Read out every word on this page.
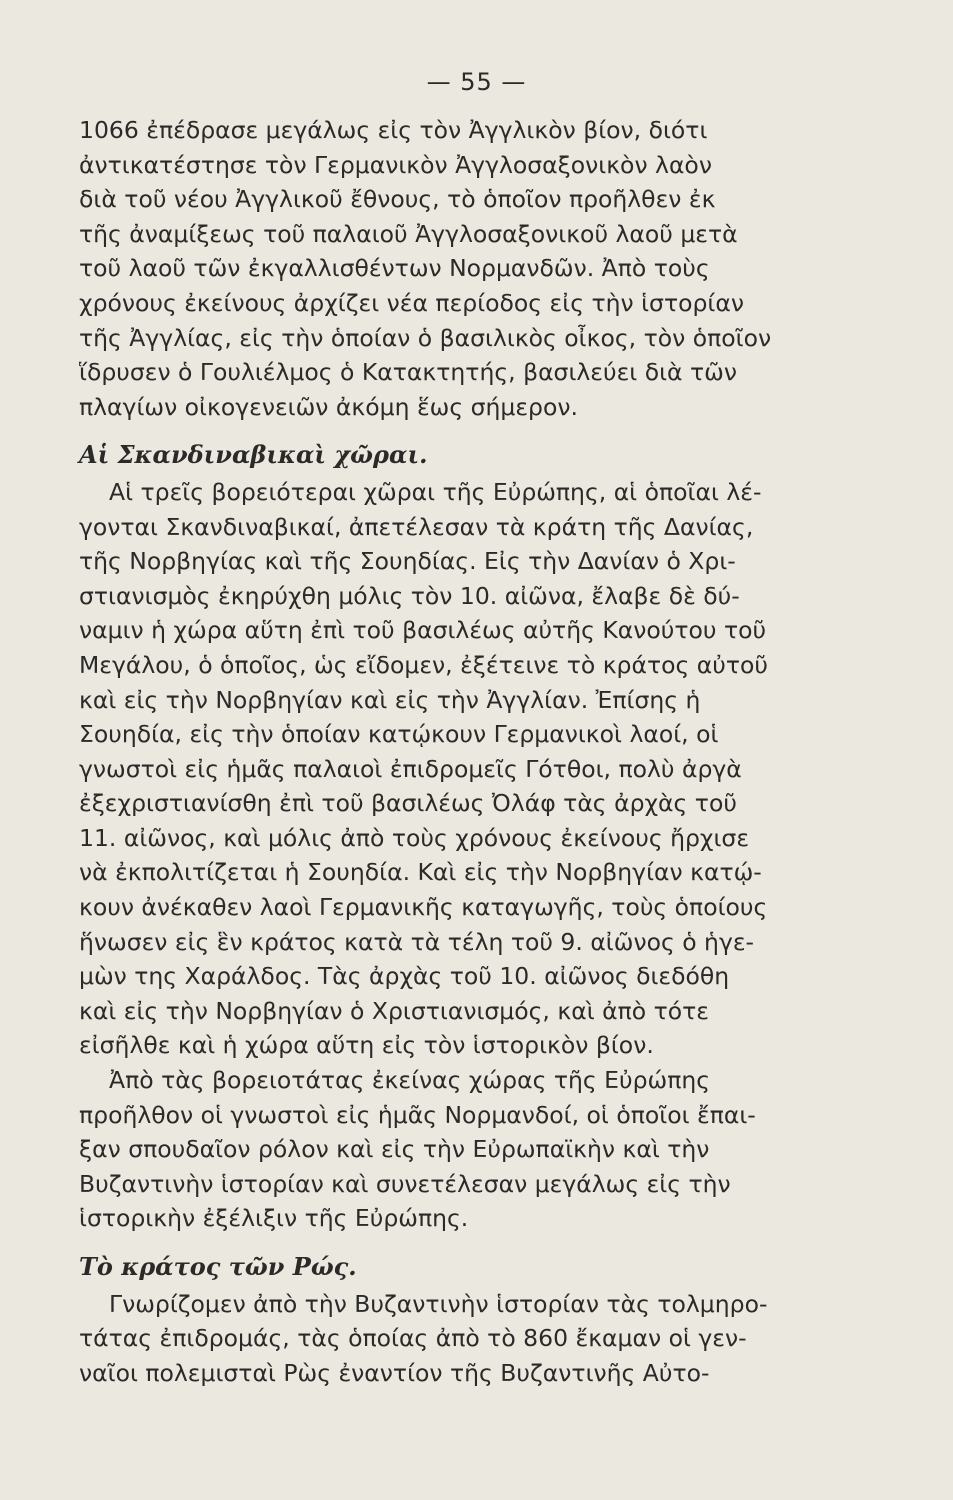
— 55 —
1066 ἐπέδρασε μεγάλως εἰς τὸν Ἀγγλικὸν βίον, διότι
ἀντικατέστησε τὸν Γερμανικὸν Ἀγγλοσαξονικὸν λαὸν
διὰ τοῦ νέου Ἀγγλικοῦ ἔθνους, τὸ ὁποῖον προῆλθεν ἐκ
τῆς ἀναμίξεως τοῦ παλαιοῦ Ἀγγλοσαξονικοῦ λαοῦ μετὰ
τοῦ λαοῦ τῶν ἐκγαλλισθέντων Νορμανδῶν. Ἀπὸ τοὺς
χρόνους ἐκείνους ἀρχίζει νέα περίοδος εἰς τὴν ἱστορίαν
τῆς Ἀγγλίας, εἰς τὴν ὁποίαν ὁ βασιλικὸς οἶκος, τὸν ὁποῖον
ἵδρυσεν ὁ Γουλιέλμος ὁ Κατακτητής, βασιλεύει διὰ τῶν
πλαγίων οἰκογενειῶν ἀκόμη ἕως σήμερον.
Αἱ Σκανδιναβικαὶ χῶραι.
Αἱ τρεῖς βορειότεραι χῶραι τῆς Εὐρώπης, αἱ ὁποῖαι λέ-
γονται Σκανδιναβικαί, ἀπετέλεσαν τὰ κράτη τῆς Δανίας,
τῆς Νορβηγίας καὶ τῆς Σουηδίας. Εἰς τὴν Δανίαν ὁ Χρι-
στιανισμὸς ἐκηρύχθη μόλις τὸν 10. αἰῶνα, ἔλαβε δὲ δύ-
ναμιν ἡ χώρα αὕτη ἐπὶ τοῦ βασιλέως αὐτῆς Κανούτου τοῦ
Μεγάλου, ὁ ὁποῖος, ὡς εἴδομεν, ἐξέτεινε τὸ κράτος αὐτοῦ
καὶ εἰς τὴν Νορβηγίαν καὶ εἰς τὴν Ἀγγλίαν. Ἐπίσης ἡ
Σουηδία, εἰς τὴν ὁποίαν κατῴκουν Γερμανικοὶ λαοί, οἱ
γνωστοὶ εἰς ἡμᾶς παλαιοὶ ἐπιδρομεῖς Γότθοι, πολὺ ἀργὰ
ἐξεχριστιανίσθη ἐπὶ τοῦ βασιλέως Ὀλάφ τὰς ἀρχὰς τοῦ
11. αἰῶνος, καὶ μόλις ἀπὸ τοὺς χρόνους ἐκείνους ἤρχισε
νὰ ἐκπολιτίζεται ἡ Σουηδία. Καὶ εἰς τὴν Νορβηγίαν κατῴ-
κουν ἀνέκαθεν λαοὶ Γερμανικῆς καταγωγῆς, τοὺς ὁποίους
ἥνωσεν εἰς ἓν κράτος κατὰ τὰ τέλη τοῦ 9. αἰῶνος ὁ ἡγε-
μὼν της Χαράλδος. Τὰς ἀρχὰς τοῦ 10. αἰῶνος διεδόθη
καὶ εἰς τὴν Νορβηγίαν ὁ Χριστιανισμός, καὶ ἀπὸ τότε
εἰσῆλθε καὶ ἡ χώρα αὕτη εἰς τὸν ἱστορικὸν βίον.
Ἀπὸ τὰς βορειοτάτας ἐκείνας χώρας τῆς Εὐρώπης
προῆλθον οἱ γνωστοὶ εἰς ἡμᾶς Νορμανδοί, οἱ ὁποῖοι ἔπαι-
ξαν σπουδαῖον ρόλον καὶ εἰς τὴν Εὐρωπαϊκὴν καὶ τὴν
Βυζαντινὴν ἱστορίαν καὶ συνετέλεσαν μεγάλως εἰς τὴν
ἱστορικὴν ἐξέλιξιν τῆς Εὐρώπης.
Τὸ κράτος τῶν Ρώς.
Γνωρίζομεν ἀπὸ τὴν Βυζαντινὴν ἱστορίαν τὰς τολμηρο-
τάτας ἐπιδρομάς, τὰς ὁποίας ἀπὸ τὸ 860 ἔκαμαν οἱ γεν-
ναῖοι πολεμισταὶ Ρὼς ἐναντίον τῆς Βυζαντινῆς Αὐτο-
